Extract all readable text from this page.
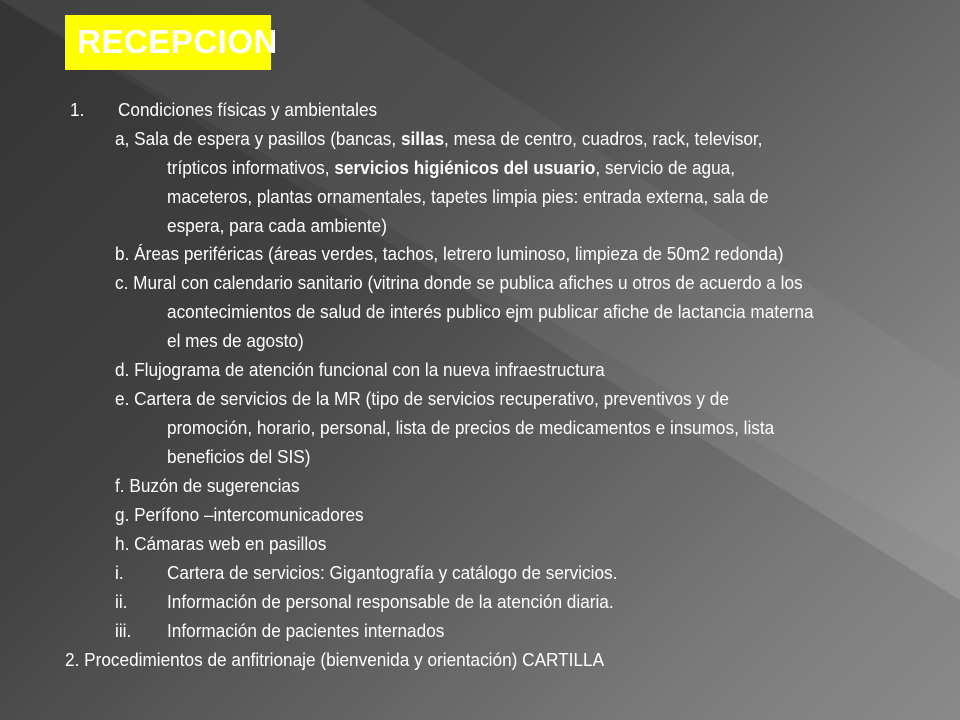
RECEPCION
1. Condiciones físicas y ambientales
a, Sala de espera y pasillos (bancas, sillas, mesa de centro, cuadros, rack, televisor,
trípticos informativos, servicios higiénicos del usuario, servicio de agua,
maceteros, plantas ornamentales, tapetes limpia pies: entrada externa, sala de
espera, para cada ambiente)
b. Áreas periféricas (áreas verdes, tachos, letrero luminoso, limpieza de 50m2 redonda)
c. Mural con calendario sanitario (vitrina donde se publica afiches u otros de acuerdo a los
acontecimientos de salud de interés publico ejm publicar afiche de lactancia materna
el mes de agosto)
d. Flujograma de atención funcional con la nueva infraestructura
e. Cartera de servicios de la MR (tipo de servicios recuperativo, preventivos y de
promoción, horario, personal, lista de precios de medicamentos e insumos, lista
beneficios del SIS)
f. Buzón de sugerencias
g. Perífono –intercomunicadores
h. Cámaras web en pasillos
i. Cartera de servicios: Gigantografía y catálogo de servicios.
ii. Información de personal responsable de la atención diaria.
iii. Información de pacientes internados
2. Procedimientos de anfitrionaje (bienvenida y orientación) CARTILLA
